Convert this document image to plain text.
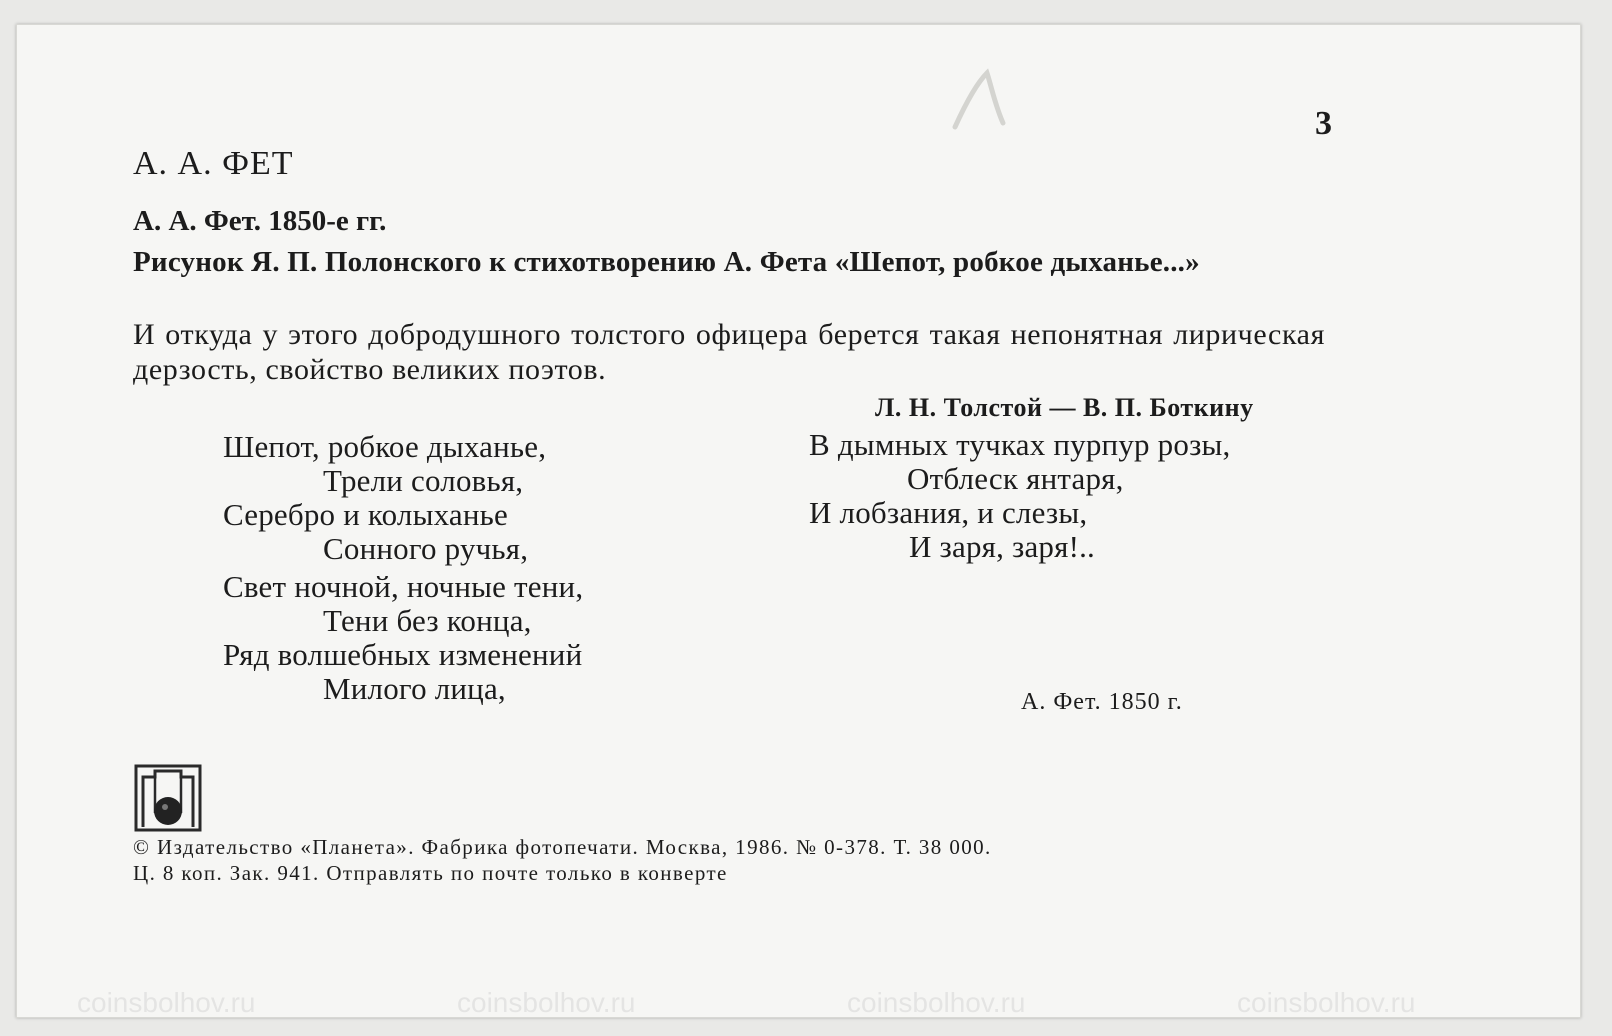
3
А. А. ФЕТ
А. А. Фет. 1850-е гг.
Рисунок Я. П. Полонского к стихотворению А. Фета «Шепот, робкое дыханье...»
И откуда у этого добродушного толстого офицера берется такая непонятная лирическая дерзость, свойство великих поэтов.
Л. Н. Толстой — В. П. Боткину
Шепот, робкое дыханье,
Трели соловья,
Серебро и колыханье
Сонного ручья,
Свет ночной, ночные тени,
Тени без конца,
Ряд волшебных изменений
Милого лица,
В дымных тучках пурпур розы,
Отблеск янтаря,
И лобзания, и слезы,
И заря, заря!..
А. Фет. 1850 г.
© Издательство «Планета». Фабрика фотопечати. Москва, 1986. № 0-378. Т. 38 000.
Ц. 8 коп. Зак. 941. Отправлять по почте только в конверте
coinsbolhov.ru	coinsbolhov.ru	coinsbolhov.ru	coinsbolhov.ru
